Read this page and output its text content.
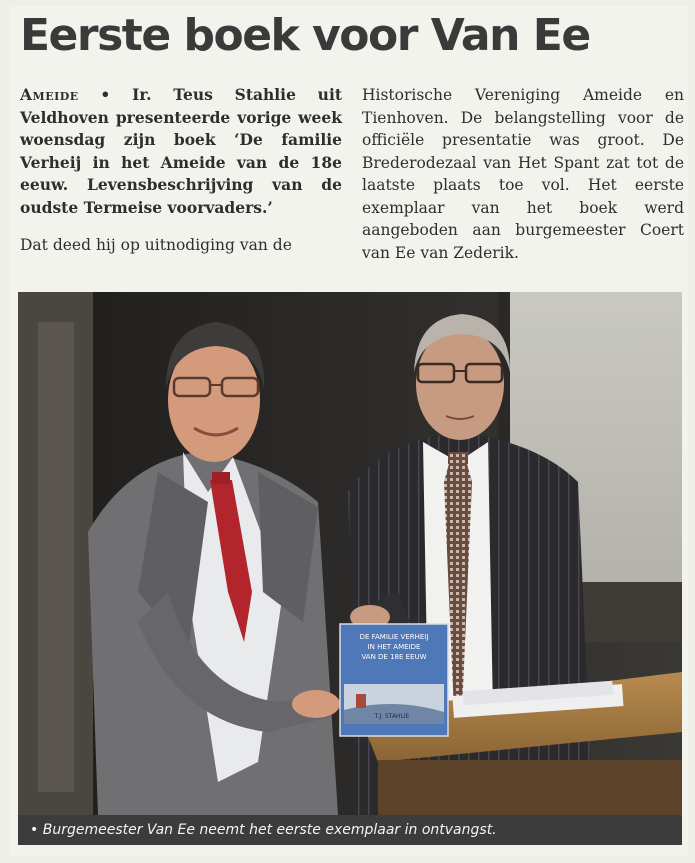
Eerste boek voor Van Ee

Ameide • Ir. Teus Stahlie uit Veldhoven presenteerde vorige week woensdag zijn boek ‘De familie Verheij in het Ameide van de 18e eeuw. Levensbeschrijving van de oudste Termeise voorvaders.’

Dat deed hij op uitnodiging van de

Historische Vereniging Ameide en Tienhoven. De belangstelling voor de officiële presentatie was groot. De Brederodezaal van Het Spant zat tot de laatste plaats toe vol. Het eerste exemplaar van het boek werd aangeboden aan burgemeester Coert van Ee van Zederik.

DE FAMILIE VERHEIJ
IN HET AMEIDE
VAN DE 18E EEUW
T.J. STAHLIE

• Burgemeester Van Ee neemt het eerste exemplaar in ontvangst.
